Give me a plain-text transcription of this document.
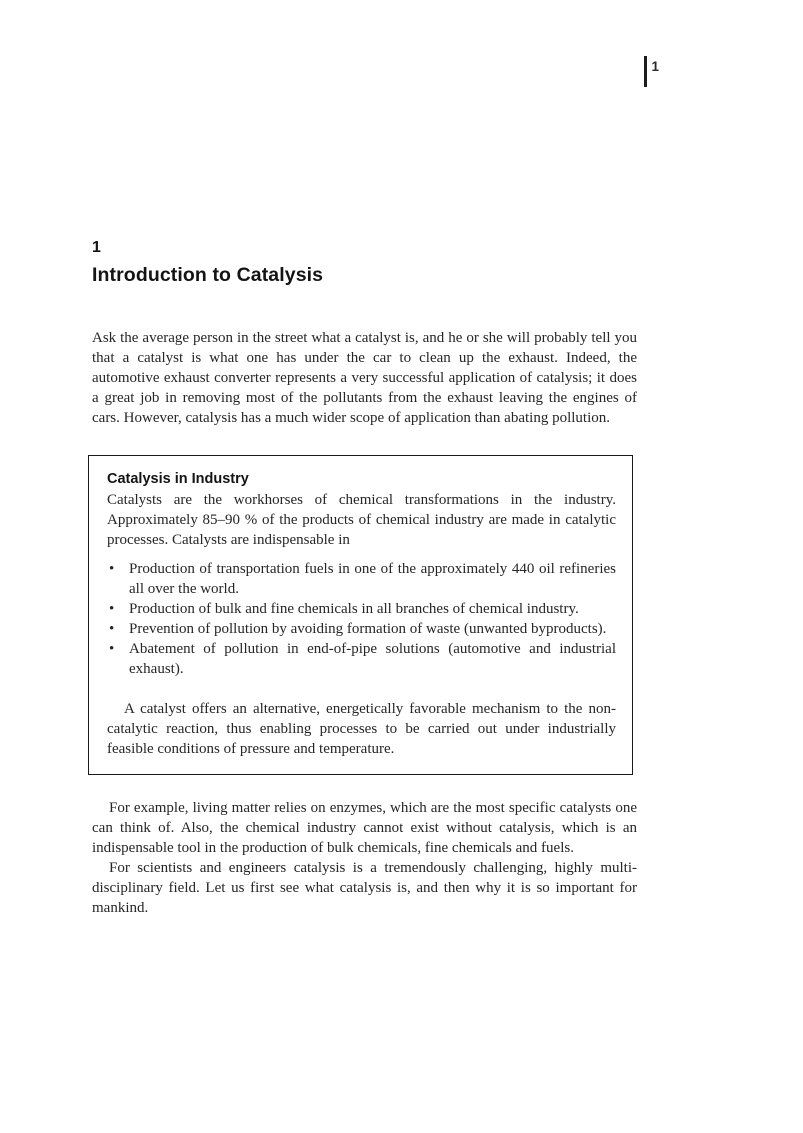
1
1
Introduction to Catalysis

Ask the average person in the street what a catalyst is, and he or she will probably tell you that a catalyst is what one has under the car to clean up the exhaust. Indeed, the automotive exhaust converter represents a very successful application of catalysis; it does a great job in removing most of the pollutants from the exhaust leaving the engines of cars. However, catalysis has a much wider scope of application than abating pollution.

Catalysis in Industry

Catalysts are the workhorses of chemical transformations in the industry. Approximately 85–90 % of the products of chemical industry are made in catalytic processes. Catalysts are indispensable in

• Production of transportation fuels in one of the approximately 440 oil refineries all over the world.
• Production of bulk and fine chemicals in all branches of chemical industry.
• Prevention of pollution by avoiding formation of waste (unwanted byproducts).
• Abatement of pollution in end-of-pipe solutions (automotive and industrial exhaust).

A catalyst offers an alternative, energetically favorable mechanism to the non-catalytic reaction, thus enabling processes to be carried out under industrially feasible conditions of pressure and temperature.

For example, living matter relies on enzymes, which are the most specific catalysts one can think of. Also, the chemical industry cannot exist without catalysis, which is an indispensable tool in the production of bulk chemicals, fine chemicals and fuels.

For scientists and engineers catalysis is a tremendously challenging, highly multi-disciplinary field. Let us first see what catalysis is, and then why it is so important for mankind.
